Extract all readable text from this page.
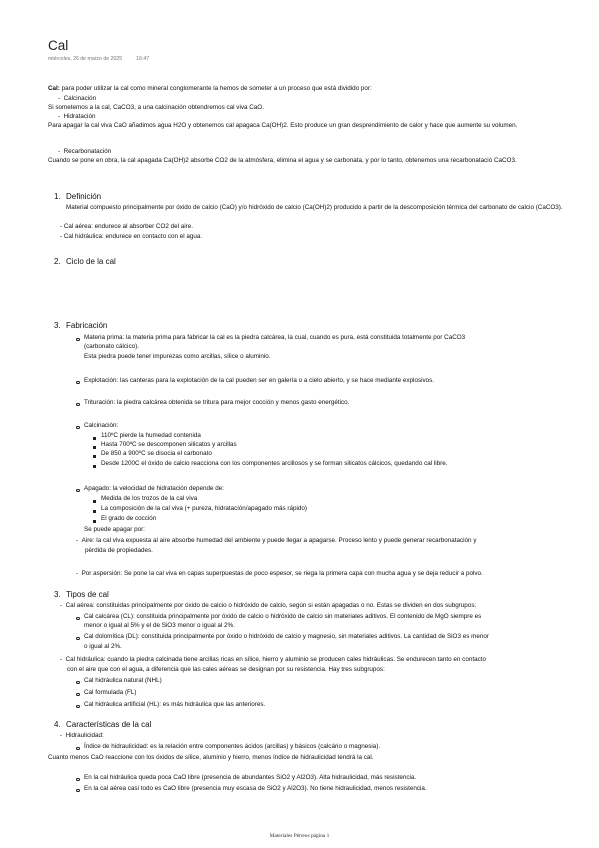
Cal
miércoles, 26 de marzo de 2025	16:47
Cal: para poder utilizar la cal como mineral conglomerante la hemos de someter a un proceso que está dividido por:
-  Calcinación
Si sometemos a la cal, CaCO3, a una calcinación obtendremos cal viva CaO.
-  Hidratación
Para apagar la cal viva CaO añadimos agua H2O y obtenemos cal apagaca Ca(OH)2. Esto produce un gran desprendimiento de calor y hace que aumente su volumen.
-  Recarbonatación
Cuando se pone en obra, la cal apagada Ca(OH)2 absorbe CO2 de la atmósfera, elimina el agua y se carbonata, y por lo tanto, obtenemos una recarbonatació CaCO3.
1. Definición
Material compuesto principalmente por óxido de calcio (CaO) y/o hidróxido de calcio (Ca(OH)2) producido a partir de la descomposición térmica del carbonato de calcio (CaCO3).
- Cal aérea: endurece al absorber CO2 del aire.
- Cal hidráulica: endurece en contacto con el agua.
2. Ciclo de la cal
3. Fabricación
Materia prima: la materia prima para fabricar la cal es la piedra calcárea, la cual, cuando es pura, está constituida totalmente por CaCO3
(carbonato cálcico).
Esta piedra puede tener impurezas como arcillas, sílice o aluminio.
Explotación: las canteras para la explotación de la cal pueden ser en galería o a cielo abierto, y se hace mediante explosivos.
Trituración: la piedra calcárea obtenida se tritura para mejor cocción y menos gasto energético.
Calcinación:
110ºC pierde la humedad contenida
Hasta 700ºC se descomponen silicatos y arcillas
De 850 a 900ºC se disocia el carbonato
Desde 1200C el óxido de calcio reacciona con los componentes arcillosos y se forman silicatos cálcicos, quedando cal libre.
Apagado: la velocidad de hidratación depende de:
Medida de los trozos de la cal viva
La composición de la cal viva (+ pureza, hidratación/apagado más rápido)
El grado de cocción
Se puede apagar por:
-  Aire: la cal viva expuesta al aire absorbe humedad del ambiente y puede llegar a apagarse. Proceso lento y puede generar recarbonatación y
pérdida de propiedades.
-  Por aspersión: Se pone la cal viva en capas superpuestas de poco espesor, se riega la primera capa con mucha agua y se deja reducir a polvo.
3. Tipos de cal
-  Cal aérea: constituidas principalmente por óxido de calcio o hidróxido de calcio, según si están apagadas o no. Estas se dividen en dos subgrupos:
Cal calcárea (CL): constituida principalmente por óxido de calcio o hidróxido de calcio sin materiales aditivos. El contenido de MgO siempre es
menor o igual al 5% y el de SiO3 menor o igual al 2%.
Cal dolomítica (DL): constituida principalmente por óxido o hidróxido de calcio y magnesio, sin materiales aditivos. La cantidad de SiO3 es menor
o igual al 2%.
-  Cal hidráulica: cuando la piedra calcinada tiene arcillas ricas en sílice, hierro y aluminio se producen cales hidráulicas. Se endurecen tanto en contacto
con el aire que con el agua, a diferencia que las cales aéreas se designan por su resistencia. Hay tres subgrupos:
Cal hidráulica natural (NHL)
Cal formulada (FL)
Cal hidráulica artificial (HL): es más hidráulica que las anteriores.
4. Características de la cal
-  Hidraulicidad:
Índice de hidraulicidad: es la relación entre componentes ácidos (arcillas) y básicos (calcário o magnesia).
Cuanto menos CaO reaccione con los óxidos de sílice, aluminio y hierro, menos índice de hidraulicidad tendrá la cal.
En la cal hidráulica queda poca CaO libre (presencia de abundantes SiO2 y Al2O3). Alta hidraulicidad, más resistencia.
En la cal aérea casi todo es CaO libre (presencia muy escasa de SiO2 y Al2O3). No tiene hidraulicidad, menos resistencia.
Materiales Pétreos página 1
